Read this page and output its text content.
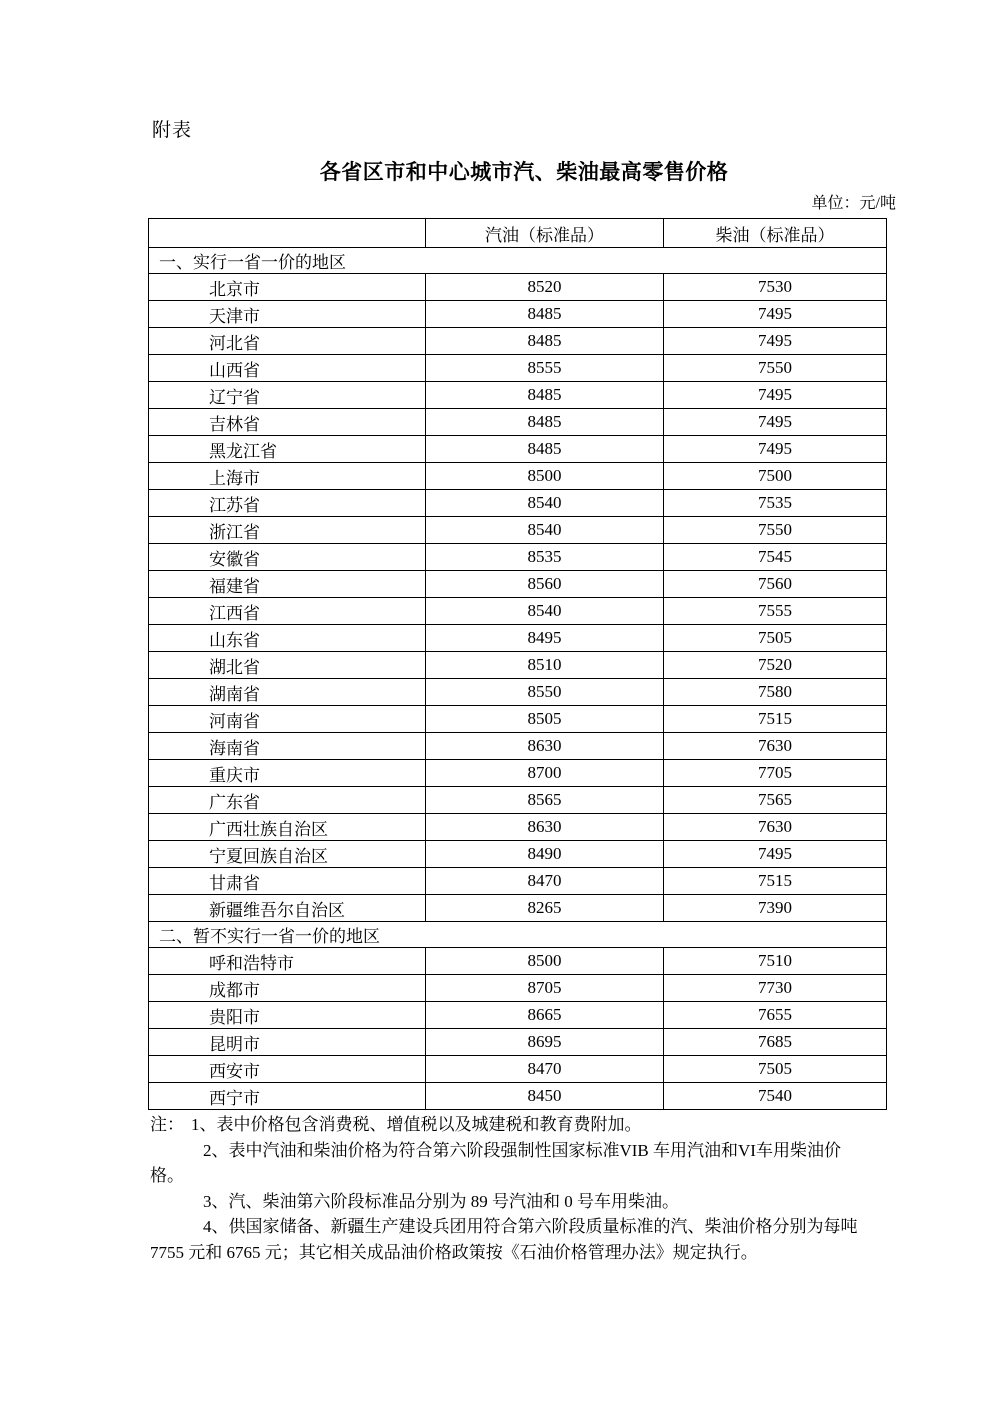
附表
各省区市和中心城市汽、柴油最高零售价格
单位：元/吨
	汽油（标准品）	柴油（标准品）
一、实行一省一价的地区		
北京市	8520	7530
天津市	8485	7495
河北省	8485	7495
山西省	8555	7550
辽宁省	8485	7495
吉林省	8485	7495
黑龙江省	8485	7495
上海市	8500	7500
江苏省	8540	7535
浙江省	8540	7550
安徽省	8535	7545
福建省	8560	7560
江西省	8540	7555
山东省	8495	7505
湖北省	8510	7520
湖南省	8550	7580
河南省	8505	7515
海南省	8630	7630
重庆市	8700	7705
广东省	8565	7565
广西壮族自治区	8630	7630
宁夏回族自治区	8490	7495
甘肃省	8470	7515
新疆维吾尔自治区	8265	7390
二、暂不实行一省一价的地区		
呼和浩特市	8500	7510
成都市	8705	7730
贵阳市	8665	7655
昆明市	8695	7685
西安市	8470	7505
西宁市	8450	7540
注： 1、表中价格包含消费税、增值税以及城建税和教育费附加。
2、表中汽油和柴油价格为符合第六阶段强制性国家标准VIB 车用汽油和VI车用柴油价
格。
3、汽、柴油第六阶段标准品分别为 89 号汽油和 0 号车用柴油。
4、供国家储备、新疆生产建设兵团用符合第六阶段质量标准的汽、柴油价格分别为每吨
7755 元和 6765 元；其它相关成品油价格政策按《石油价格管理办法》规定执行。
